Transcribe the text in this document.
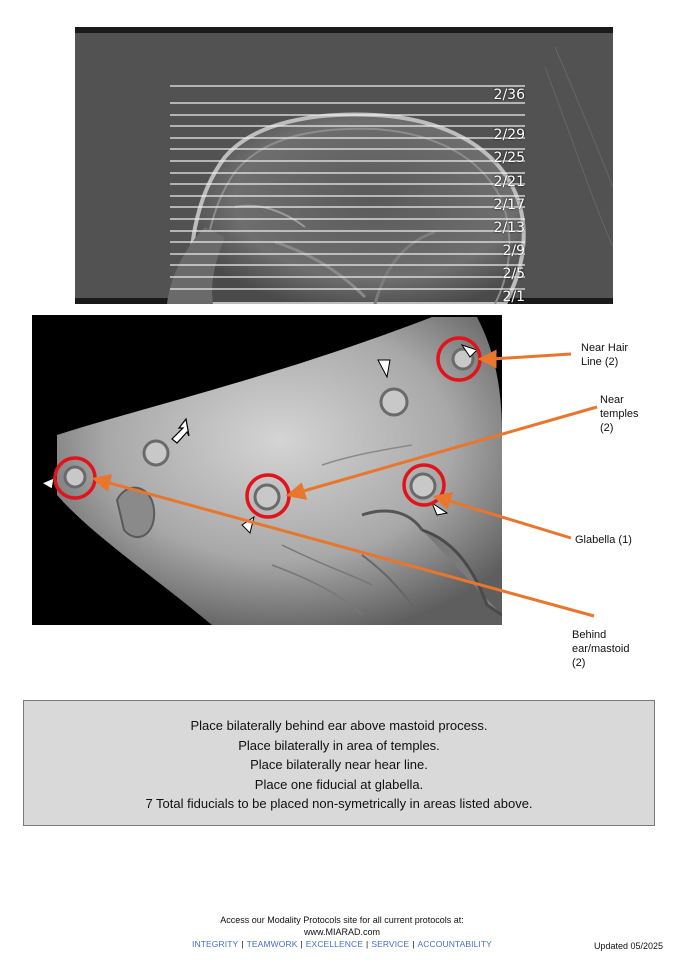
2/36
2/29
2/25
2/21
2/17
2/13
2/9
2/5
2/1
Near Hair
Line (2)
Near
temples
(2)
Glabella (1)
Behind
ear/mastoid
(2)
Place bilaterally behind ear above mastoid process.
Place bilaterally in area of temples.
Place bilaterally near hear line.
Place one fiducial at glabella.
7 Total fiducials to be placed non-symetrically in areas listed above.
Access our Modality Protocols site for all current protocols at:
www.MIARAD.com
INTEGRITY | TEAMWORK | EXCELLENCE | SERVICE | ACCOUNTABILITY	Updated 05/2025
